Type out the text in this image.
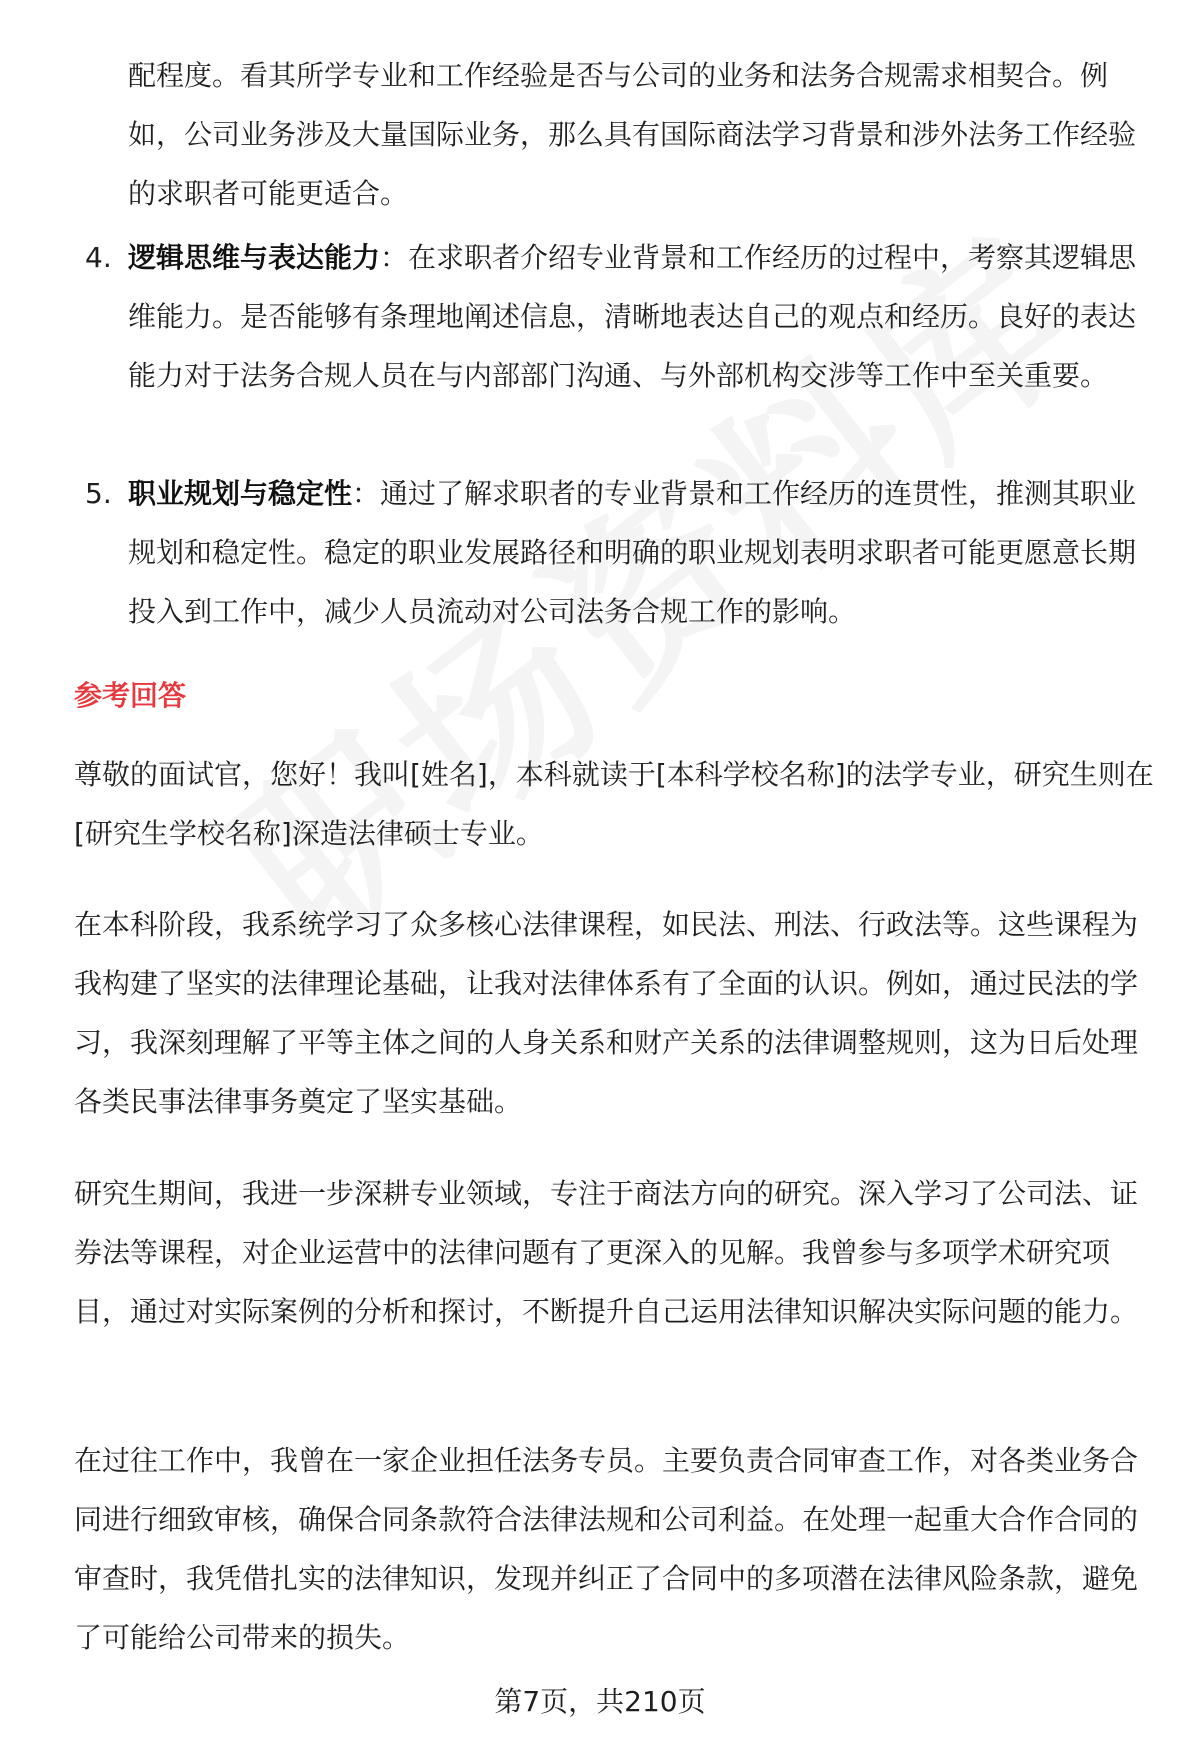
配程度。看其所学专业和工作经验是否与公司的业务和法务合规需求相契合。例如，公司业务涉及大量国际业务，那么具有国际商法学习背景和涉外法务工作经验的求职者可能更适合。

4. 逻辑思维与表达能力：在求职者介绍专业背景和工作经历的过程中，考察其逻辑思维能力。是否能够有条理地阐述信息，清晰地表达自己的观点和经历。良好的表达能力对于法务合规人员在与内部部门沟通、与外部机构交涉等工作中至关重要。

5. 职业规划与稳定性：通过了解求职者的专业背景和工作经历的连贯性，推测其职业规划和稳定性。稳定的职业发展路径和明确的职业规划表明求职者可能更愿意长期投入到工作中，减少人员流动对公司法务合规工作的影响。

参考回答

尊敬的面试官，您好！我叫[姓名]，本科就读于[本科学校名称]的法学专业，研究生则在[研究生学校名称]深造法律硕士专业。

在本科阶段，我系统学习了众多核心法律课程，如民法、刑法、行政法等。这些课程为我构建了坚实的法律理论基础，让我对法律体系有了全面的认识。例如，通过民法的学习，我深刻理解了平等主体之间的人身关系和财产关系的法律调整规则，这为日后处理各类民事法律事务奠定了坚实基础。

研究生期间，我进一步深耕专业领域，专注于商法方向的研究。深入学习了公司法、证券法等课程，对企业运营中的法律问题有了更深入的见解。我曾参与多项学术研究项目，通过对实际案例的分析和探讨，不断提升自己运用法律知识解决实际问题的能力。

在过往工作中，我曾在一家企业担任法务专员。主要负责合同审查工作，对各类业务合同进行细致审核，确保合同条款符合法律法规和公司利益。在处理一起重大合作合同的审查时，我凭借扎实的法律知识，发现并纠正了合同中的多项潜在法律风险条款，避免了可能给公司带来的损失。

第7页，共210页
